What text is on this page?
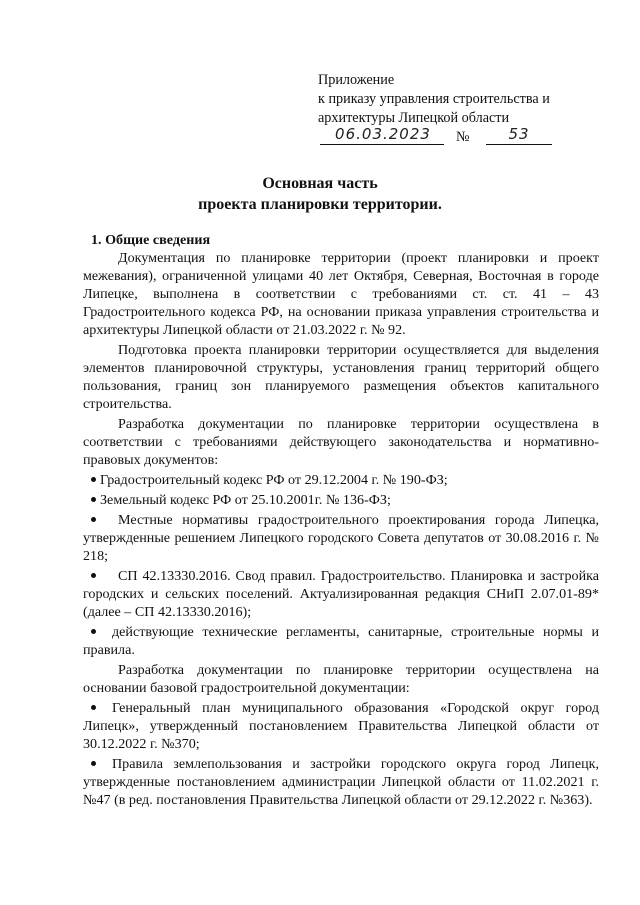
Приложение
к приказу управления строительства и
архитектуры Липецкой области
06.03.2023	№	53
Основная часть
проекта планировки территории.

1. Общие сведения

Документация по планировке территории (проект планировки и проект межевания), ограниченной улицами 40 лет Октября, Северная, Восточная в городе Липецке, выполнена в соответствии с требованиями ст. ст. 41 – 43 Градостроительного кодекса РФ, на основании приказа управления строительства и архитектуры Липецкой области от 21.03.2022 г. № 92.

Подготовка проекта планировки территории осуществляется для выделения элементов планировочной структуры, установления границ территорий общего пользования, границ зон планируемого размещения объектов капитального строительства.

Разработка документации по планировке территории осуществлена в соответствии с требованиями действующего законодательства и нормативно-правовых документов:

Градостроительный кодекс РФ от 29.12.2004 г. № 190-ФЗ;

Земельный кодекс РФ от 25.10.2001г. № 136-ФЗ;

Местные нормативы градостроительного проектирования города Липецка, утвержденные решением Липецкого городского Совета депутатов от 30.08.2016 г. № 218;

СП 42.13330.2016. Свод правил. Градостроительство. Планировка и застройка городских и сельских поселений. Актуализированная редакция СНиП 2.07.01-89* (далее – СП 42.13330.2016);

действующие технические регламенты, санитарные, строительные нормы и правила.

Разработка документации по планировке территории осуществлена на основании базовой градостроительной документации:

Генеральный план муниципального образования «Городской округ город Липецк», утвержденный постановлением Правительства Липецкой области от 30.12.2022 г. №370;

Правила землепользования и застройки городского округа город Липецк, утвержденные постановлением администрации Липецкой области от 11.02.2021 г. №47 (в ред. постановления Правительства Липецкой области от 29.12.2022 г. №363).
